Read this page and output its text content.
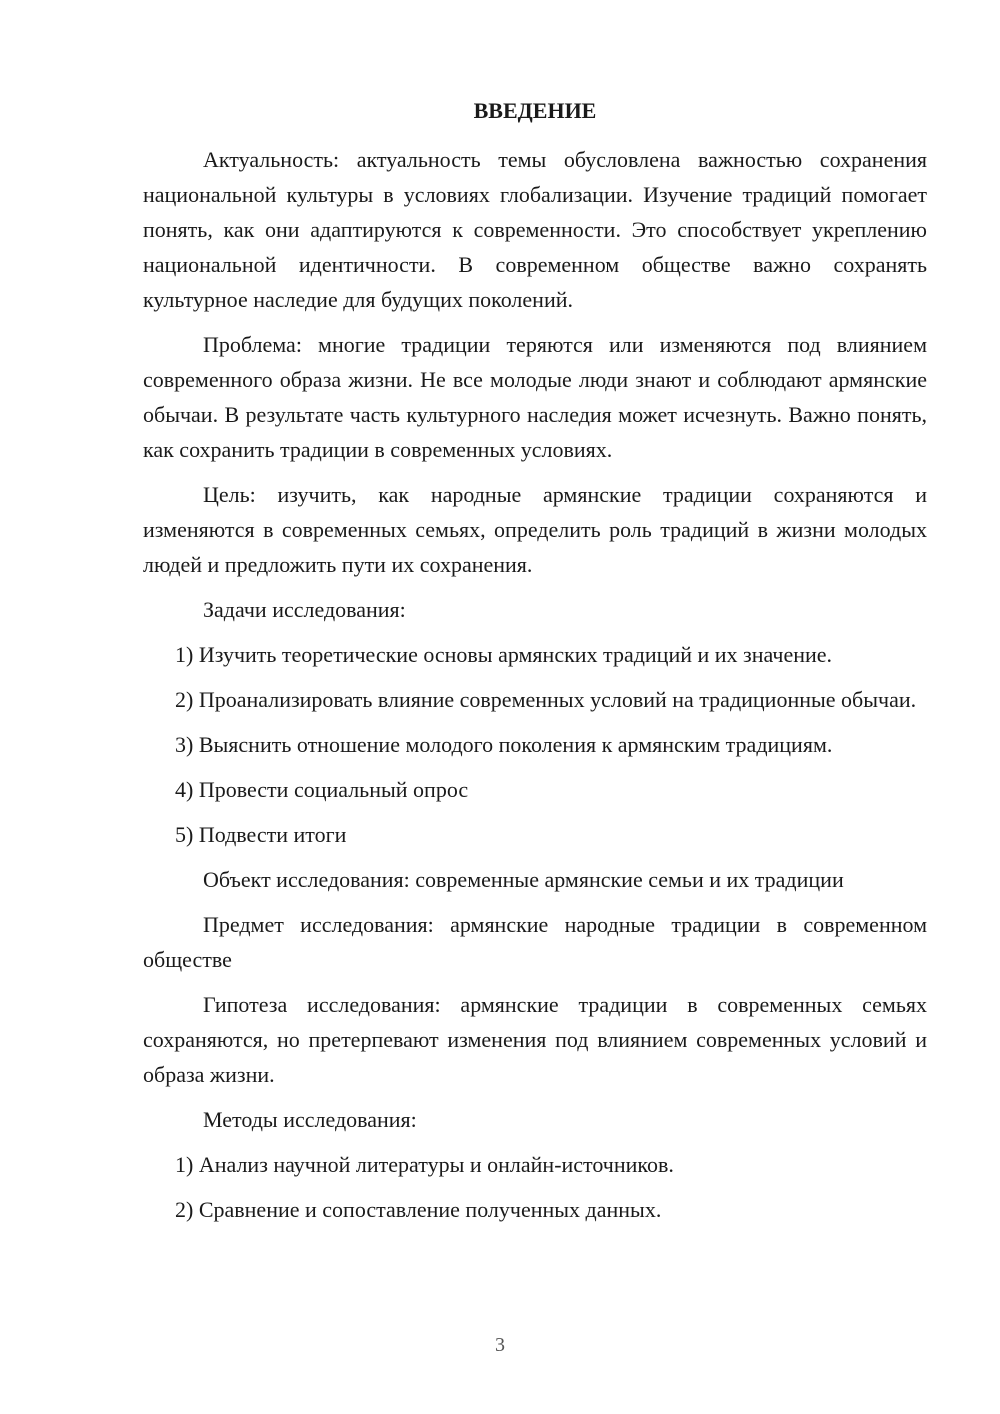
ВВЕДЕНИЕ

Актуальность: актуальность темы обусловлена важностью сохранения национальной культуры в условиях глобализации. Изучение традиций помогает понять, как они адаптируются к современности. Это способствует укреплению национальной идентичности. В современном обществе важно сохранять культурное наследие для будущих поколений.

Проблема: многие традиции теряются или изменяются под влиянием современного образа жизни. Не все молодые люди знают и соблюдают армянские обычаи. В результате часть культурного наследия может исчезнуть. Важно понять, как сохранить традиции в современных условиях.

Цель: изучить, как народные армянские традиции сохраняются и изменяются в современных семьях, определить роль традиций в жизни молодых людей и предложить пути их сохранения.

Задачи исследования:

1) Изучить теоретические основы армянских традиций и их значение.

2) Проанализировать влияние современных условий на традиционные обычаи.

3) Выяснить отношение молодого поколения к армянским традициям.

4) Провести социальный опрос

5) Подвести итоги

Объект исследования: современные армянские семьи и их традиции

Предмет исследования: армянские народные традиции в современном обществе

Гипотеза исследования: армянские традиции в современных семьях сохраняются, но претерпевают изменения под влиянием современных условий и образа жизни.

Методы исследования:

1) Анализ научной литературы и онлайн-источников.

2) Сравнение и сопоставление полученных данных.

3
